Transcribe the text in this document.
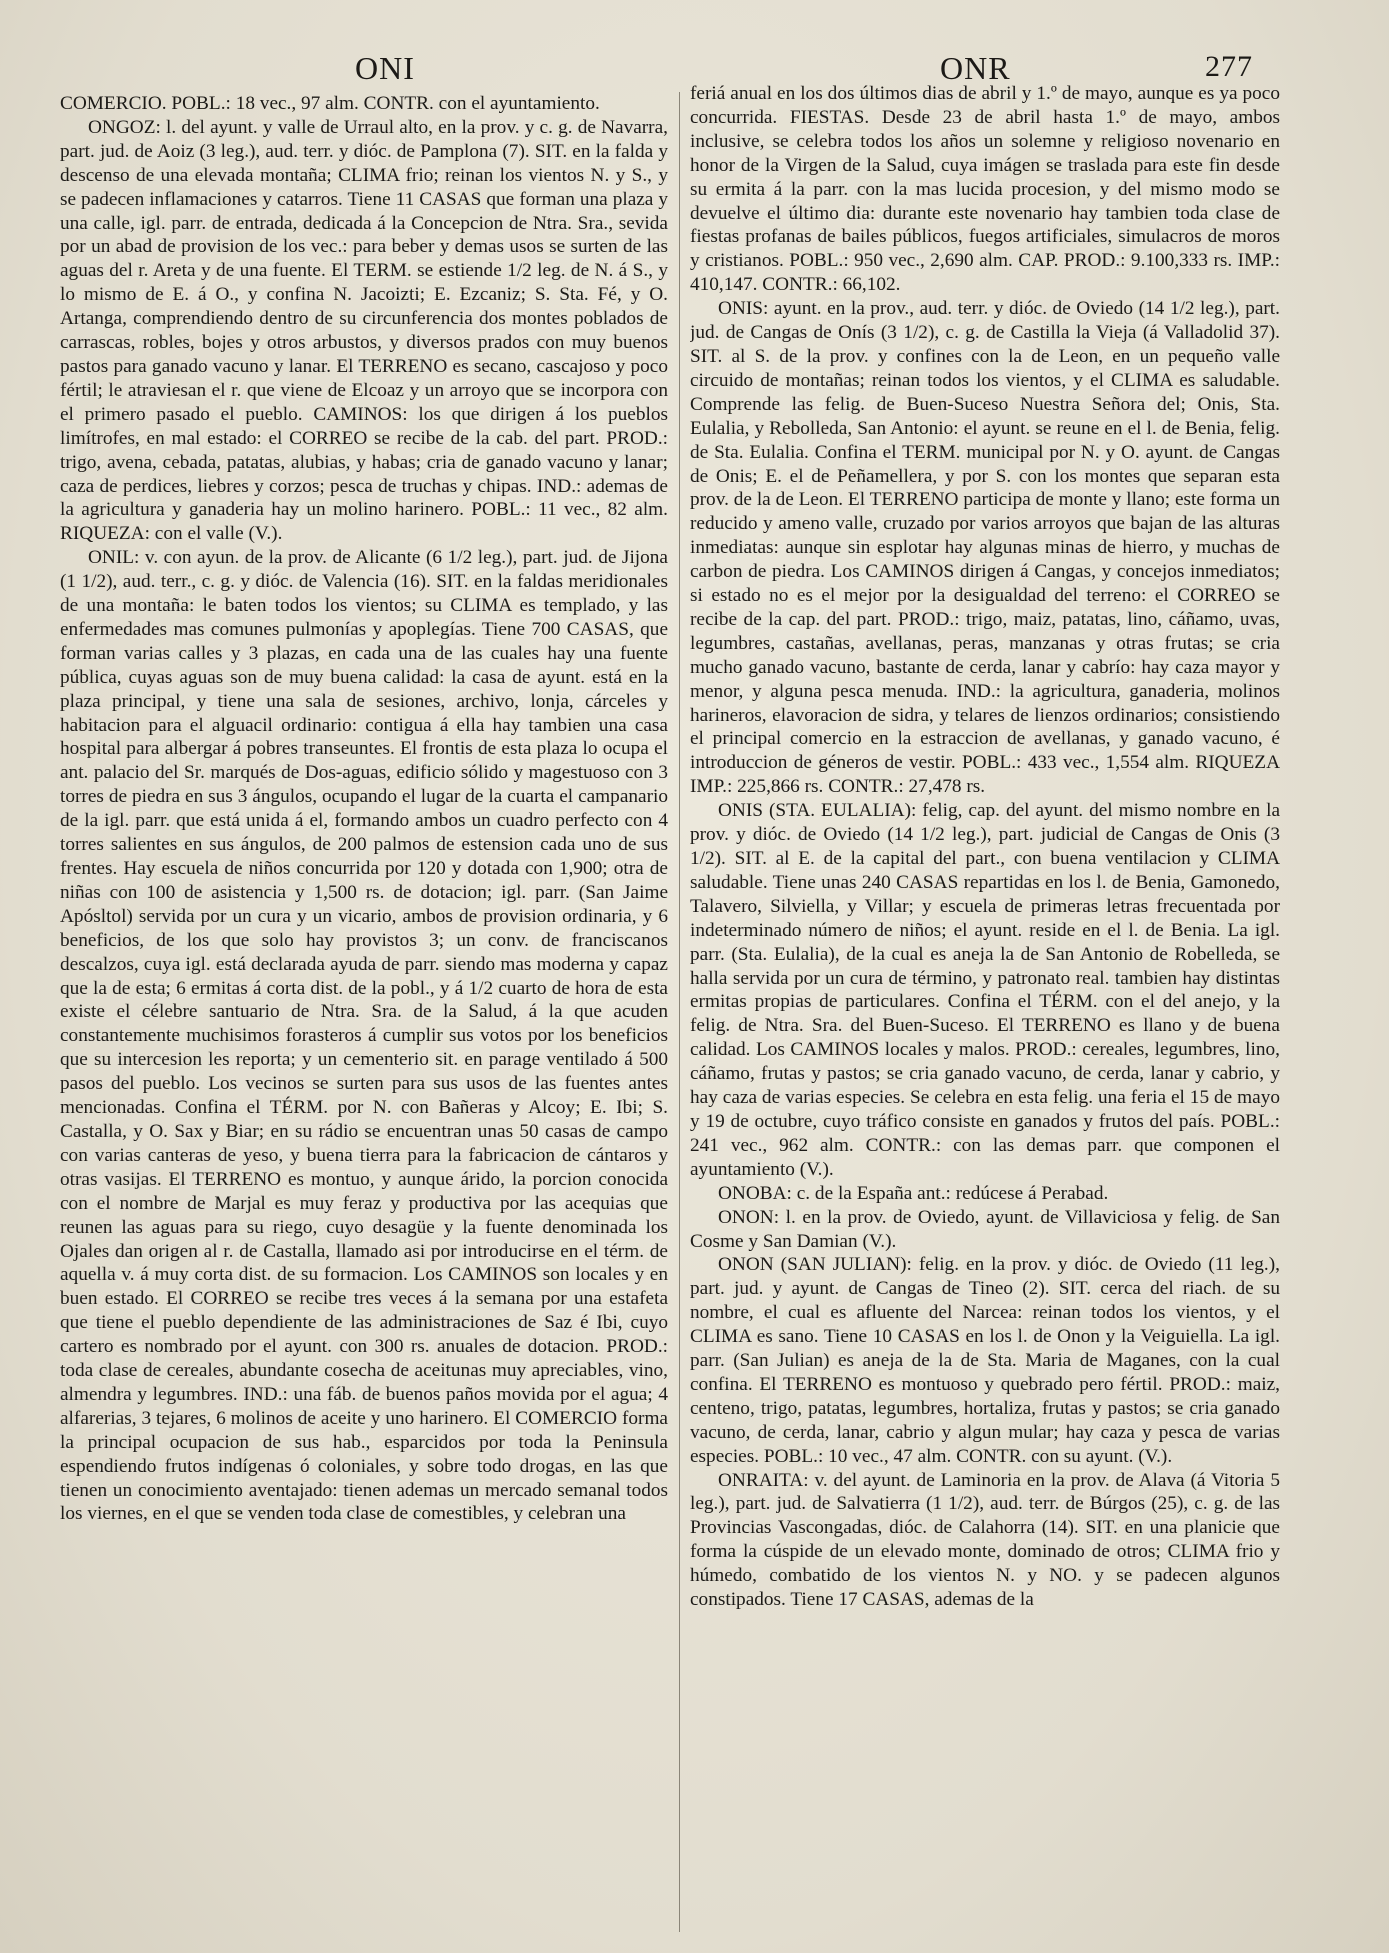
ONI	ONR	277

COMERCIO. POBL.: 18 vec., 97 alm. CONTR. con el ayuntamiento.

ONGOZ: l. del ayunt. y valle de Urraul alto, en la prov. y c. g. de Navarra, part. jud. de Aoiz (3 leg.), aud. terr. y dióc. de Pamplona (7). SIT. en la falda y descenso de una elevada montaña; CLIMA frio; reinan los vientos N. y S., y se padecen inflamaciones y catarros. Tiene 11 CASAS que forman una plaza y una calle, igl. parr. de entrada, dedicada á la Concepcion de Ntra. Sra., sevida por un abad de provision de los vec.: para beber y demas usos se surten de las aguas del r. Areta y de una fuente. El TERM. se estiende 1/2 leg. de N. á S., y lo mismo de E. á O., y confina N. Jacoizti; E. Ezcaniz; S. Sta. Fé, y O. Artanga, comprendiendo dentro de su circunferencia dos montes poblados de carrascas, robles, bojes y otros arbustos, y diversos prados con muy buenos pastos para ganado vacuno y lanar. El TERRENO es secano, cascajoso y poco fértil; le atraviesan el r. que viene de Elcoaz y un arroyo que se incorpora con el primero pasado el pueblo. CAMINOS: los que dirigen á los pueblos limítrofes, en mal estado: el CORREO se recibe de la cab. del part. PROD.: trigo, avena, cebada, patatas, alubias, y habas; cria de ganado vacuno y lanar; caza de perdices, liebres y corzos; pesca de truchas y chipas. IND.: ademas de la agricultura y ganaderia hay un molino harinero. POBL.: 11 vec., 82 alm. RIQUEZA: con el valle (V.).

ONIL: v. con ayun. de la prov. de Alicante (6 1/2 leg.), part. jud. de Jijona (1 1/2), aud. terr., c. g. y dióc. de Valencia (16). SIT. en la faldas meridionales de una montaña: le baten todos los vientos; su CLIMA es templado, y las enfermedades mas comunes pulmonías y apoplegías. Tiene 700 CASAS, que forman varias calles y 3 plazas, en cada una de las cuales hay una fuente pública, cuyas aguas son de muy buena calidad: la casa de ayunt. está en la plaza principal, y tiene una sala de sesiones, archivo, lonja, cárceles y habitacion para el alguacil ordinario: contigua á ella hay tambien una casa hospital para albergar á pobres transeuntes. El frontis de esta plaza lo ocupa el ant. palacio del Sr. marqués de Dos-aguas, edificio sólido y magestuoso con 3 torres de piedra en sus 3 ángulos, ocupando el lugar de la cuarta el campanario de la igl. parr. que está unida á el, formando ambos un cuadro perfecto con 4 torres salientes en sus ángulos, de 200 palmos de estension cada uno de sus frentes. Hay escuela de niños concurrida por 120 y dotada con 1,900; otra de niñas con 100 de asistencia y 1,500 rs. de dotacion; igl. parr. (San Jaime Apósltol) servida por un cura y un vicario, ambos de provision ordinaria, y 6 beneficios, de los que solo hay provistos 3; un conv. de franciscanos descalzos, cuya igl. está declarada ayuda de parr. siendo mas moderna y capaz que la de esta; 6 ermitas á corta dist. de la pobl., y á 1/2 cuarto de hora de esta existe el célebre santuario de Ntra. Sra. de la Salud, á la que acuden constantemente muchisimos forasteros á cumplir sus votos por los beneficios que su intercesion les reporta; y un cementerio sit. en parage ventilado á 500 pasos del pueblo. Los vecinos se surten para sus usos de las fuentes antes mencionadas. Confina el TÉRM. por N. con Bañeras y Alcoy; E. Ibi; S. Castalla, y O. Sax y Biar; en su rádio se encuentran unas 50 casas de campo con varias canteras de yeso, y buena tierra para la fabricacion de cántaros y otras vasijas. El TERRENO es montuo, y aunque árido, la porcion conocida con el nombre de Marjal es muy feraz y productiva por las acequias que reunen las aguas para su riego, cuyo desagüe y la fuente denominada los Ojales dan origen al r. de Castalla, llamado asi por introducirse en el térm. de aquella v. á muy corta dist. de su formacion. Los CAMINOS son locales y en buen estado. El CORREO se recibe tres veces á la semana por una estafeta que tiene el pueblo dependiente de las administraciones de Saz é Ibi, cuyo cartero es nombrado por el ayunt. con 300 rs. anuales de dotacion. PROD.: toda clase de cereales, abundante cosecha de aceitunas muy apreciables, vino, almendra y legumbres. IND.: una fáb. de buenos paños movida por el agua; 4 alfarerias, 3 tejares, 6 molinos de aceite y uno harinero. El COMERCIO forma la principal ocupacion de sus hab., esparcidos por toda la Peninsula espendiendo frutos indígenas ó coloniales, y sobre todo drogas, en las que tienen un conocimiento aventajado: tienen ademas un mercado semanal todos los viernes, en el que se venden toda clase de comestibles, y celebran una

feriá anual en los dos últimos dias de abril y 1.º de mayo, aunque es ya poco concurrida. FIESTAS. Desde 23 de abril hasta 1.º de mayo, ambos inclusive, se celebra todos los años un solemne y religioso novenario en honor de la Virgen de la Salud, cuya imágen se traslada para este fin desde su ermita á la parr. con la mas lucida procesion, y del mismo modo se devuelve el último dia: durante este novenario hay tambien toda clase de fiestas profanas de bailes públicos, fuegos artificiales, simulacros de moros y cristianos. POBL.: 950 vec., 2,690 alm. CAP. PROD.: 9.100,333 rs. IMP.: 410,147. CONTR.: 66,102.

ONIS: ayunt. en la prov., aud. terr. y dióc. de Oviedo (14 1/2 leg.), part. jud. de Cangas de Onís (3 1/2), c. g. de Castilla la Vieja (á Valladolid 37). SIT. al S. de la prov. y confines con la de Leon, en un pequeño valle circuido de montañas; reinan todos los vientos, y el CLIMA es saludable. Comprende las felig. de Buen-Suceso Nuestra Señora del; Onis, Sta. Eulalia, y Rebolleda, San Antonio: el ayunt. se reune en el l. de Benia, felig. de Sta. Eulalia. Confina el TERM. municipal por N. y O. ayunt. de Cangas de Onis; E. el de Peñamellera, y por S. con los montes que separan esta prov. de la de Leon. El TERRENO participa de monte y llano; este forma un reducido y ameno valle, cruzado por varios arroyos que bajan de las alturas inmediatas: aunque sin esplotar hay algunas minas de hierro, y muchas de carbon de piedra. Los CAMINOS dirigen á Cangas, y concejos inmediatos; si estado no es el mejor por la desigualdad del terreno: el CORREO se recibe de la cap. del part. PROD.: trigo, maiz, patatas, lino, cáñamo, uvas, legumbres, castañas, avellanas, peras, manzanas y otras frutas; se cria mucho ganado vacuno, bastante de cerda, lanar y cabrío: hay caza mayor y menor, y alguna pesca menuda. IND.: la agricultura, ganaderia, molinos harineros, elavoracion de sidra, y telares de lienzos ordinarios; consistiendo el principal comercio en la estraccion de avellanas, y ganado vacuno, é introduccion de géneros de vestir. POBL.: 433 vec., 1,554 alm. RIQUEZA IMP.: 225,866 rs. CONTR.: 27,478 rs.

ONIS (STA. EULALIA): felig, cap. del ayunt. del mismo nombre en la prov. y dióc. de Oviedo (14 1/2 leg.), part. judicial de Cangas de Onis (3 1/2). SIT. al E. de la capital del part., con buena ventilacion y CLIMA saludable. Tiene unas 240 CASAS repartidas en los l. de Benia, Gamonedo, Talavero, Silviella, y Villar; y escuela de primeras letras frecuentada por indeterminado número de niños; el ayunt. reside en el l. de Benia. La igl. parr. (Sta. Eulalia), de la cual es aneja la de San Antonio de Robelleda, se halla servida por un cura de término, y patronato real. tambien hay distintas ermitas propias de particulares. Confina el TÉRM. con el del anejo, y la felig. de Ntra. Sra. del Buen-Suceso. El TERRENO es llano y de buena calidad. Los CAMINOS locales y malos. PROD.: cereales, legumbres, lino, cáñamo, frutas y pastos; se cria ganado vacuno, de cerda, lanar y cabrio, y hay caza de varias especies. Se celebra en esta felig. una feria el 15 de mayo y 19 de octubre, cuyo tráfico consiste en ganados y frutos del país. POBL.: 241 vec., 962 alm. CONTR.: con las demas parr. que componen el ayuntamiento (V.).

ONOBA: c. de la España ant.: redúcese á Perabad.

ONON: l. en la prov. de Oviedo, ayunt. de Villaviciosa y felig. de San Cosme y San Damian (V.).

ONON (SAN JULIAN): felig. en la prov. y dióc. de Oviedo (11 leg.), part. jud. y ayunt. de Cangas de Tineo (2). SIT. cerca del riach. de su nombre, el cual es afluente del Narcea: reinan todos los vientos, y el CLIMA es sano. Tiene 10 CASAS en los l. de Onon y la Veiguiella. La igl. parr. (San Julian) es aneja de la de Sta. Maria de Maganes, con la cual confina. El TERRENO es montuoso y quebrado pero fértil. PROD.: maiz, centeno, trigo, patatas, legumbres, hortaliza, frutas y pastos; se cria ganado vacuno, de cerda, lanar, cabrio y algun mular; hay caza y pesca de varias especies. POBL.: 10 vec., 47 alm. CONTR. con su ayunt. (V.).

ONRAITA: v. del ayunt. de Laminoria en la prov. de Alava (á Vitoria 5 leg.), part. jud. de Salvatierra (1 1/2), aud. terr. de Búrgos (25), c. g. de las Provincias Vascongadas, dióc. de Calahorra (14). SIT. en una planicie que forma la cúspide de un elevado monte, dominado de otros; CLIMA frio y húmedo, combatido de los vientos N. y NO. y se padecen algunos constipados. Tiene 17 CASAS, ademas de la
